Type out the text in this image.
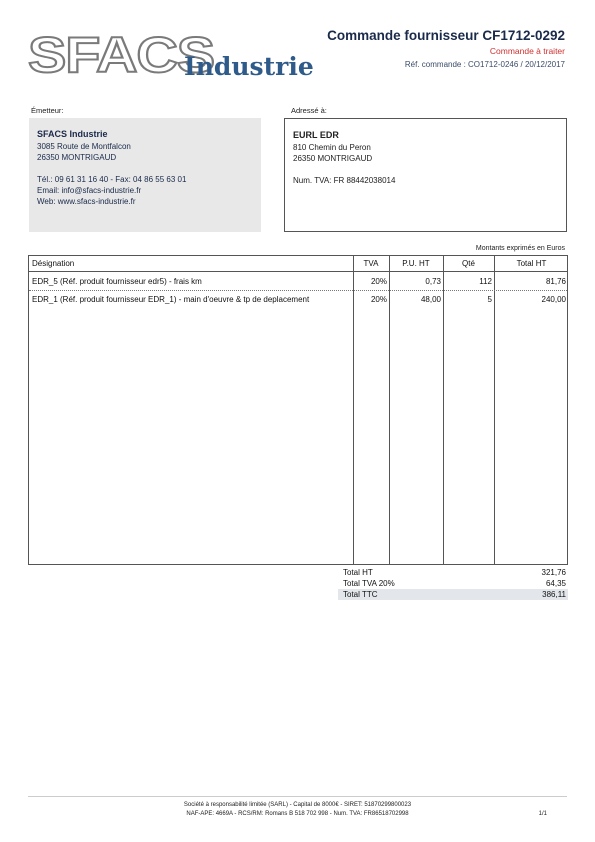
SFACS
Industrie
Commande fournisseur CF1712-0292
Commande à traiter
Réf. commande : CO1712-0246 / 20/12/2017
Émetteur:
SFACS Industrie
3085 Route de Montfalcon
26350 MONTRIGAUD
Tél.: 09 61 31 16 40 - Fax: 04 86 55 63 01
Email: info@sfacs-industrie.fr
Web: www.sfacs-industrie.fr
Adressé à:
EURL EDR
810 Chemin du Peron
26350 MONTRIGAUD
Num. TVA: FR 88442038014
Montants exprimés en Euros
Désignation	TVA	P.U. HT	Qté	Total HT
EDR_5 (Réf. produit fournisseur edr5) - frais km	20%	0,73	112	81,76
EDR_1 (Réf. produit fournisseur EDR_1) - main d'oeuvre & tp de deplacement	20%	48,00	5	240,00
Total HT	321,76
Total TVA 20%	64,35
Total TTC	386,11
Société à responsabilité limitée (SARL) - Capital de 8000€ - SIRET: 51870299800023
NAF-APE: 4669A - RCS/RM: Romans B 518 702 998 - Num. TVA: FR86518702998	1/1
